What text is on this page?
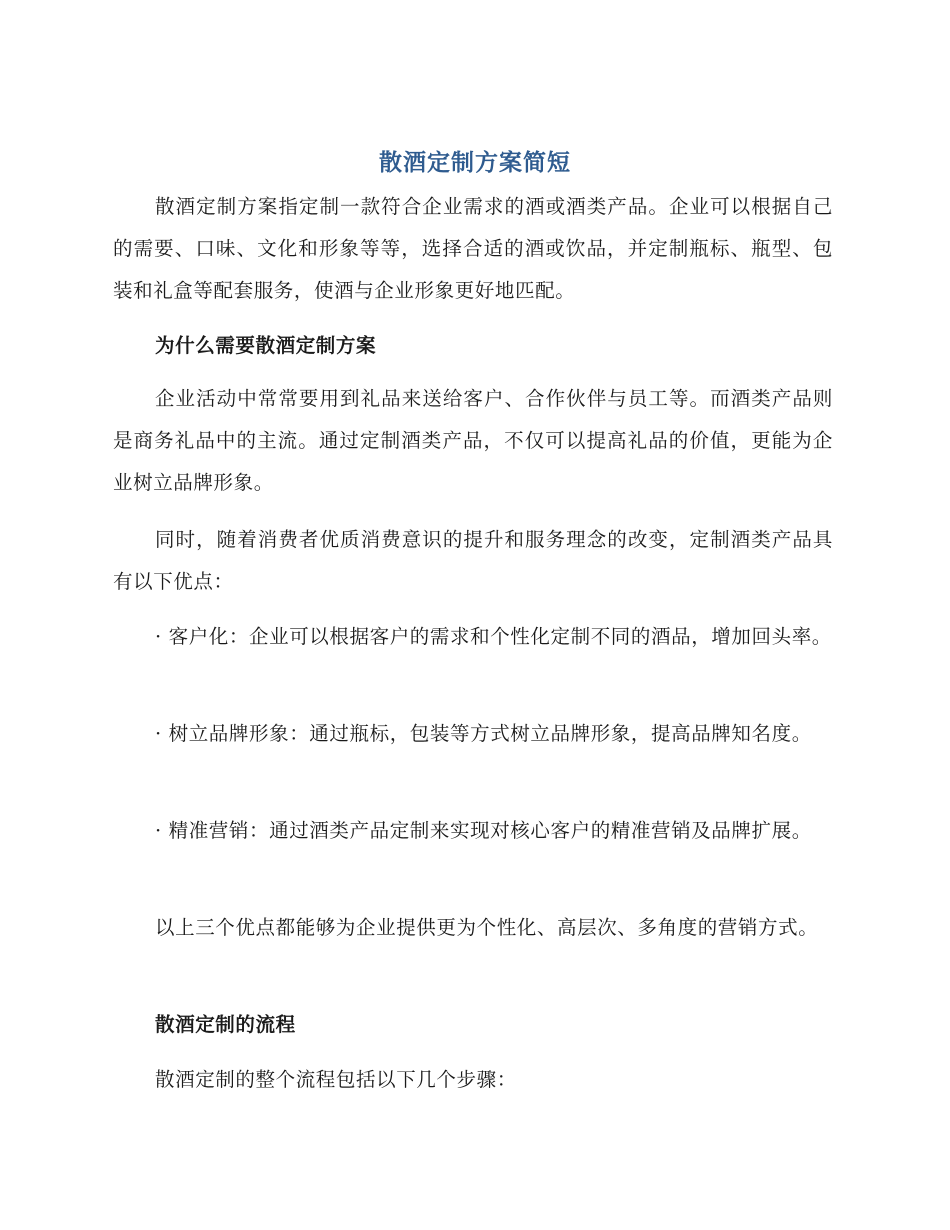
散酒定制方案简短

散酒定制方案指定制一款符合企业需求的酒或酒类产品。企业可以根据自己的需要、口味、文化和形象等等，选择合适的酒或饮品，并定制瓶标、瓶型、包装和礼盒等配套服务，使酒与企业形象更好地匹配。

为什么需要散酒定制方案

企业活动中常常要用到礼品来送给客户、合作伙伴与员工等。而酒类产品则是商务礼品中的主流。通过定制酒类产品，不仅可以提高礼品的价值，更能为企业树立品牌形象。

同时，随着消费者优质消费意识的提升和服务理念的改变，定制酒类产品具有以下优点：

· 客户化：企业可以根据客户的需求和个性化定制不同的酒品，增加回头率。

· 树立品牌形象：通过瓶标，包装等方式树立品牌形象，提高品牌知名度。

· 精准营销：通过酒类产品定制来实现对核心客户的精准营销及品牌扩展。

以上三个优点都能够为企业提供更为个性化、高层次、多角度的营销方式。

散酒定制的流程

散酒定制的整个流程包括以下几个步骤：
